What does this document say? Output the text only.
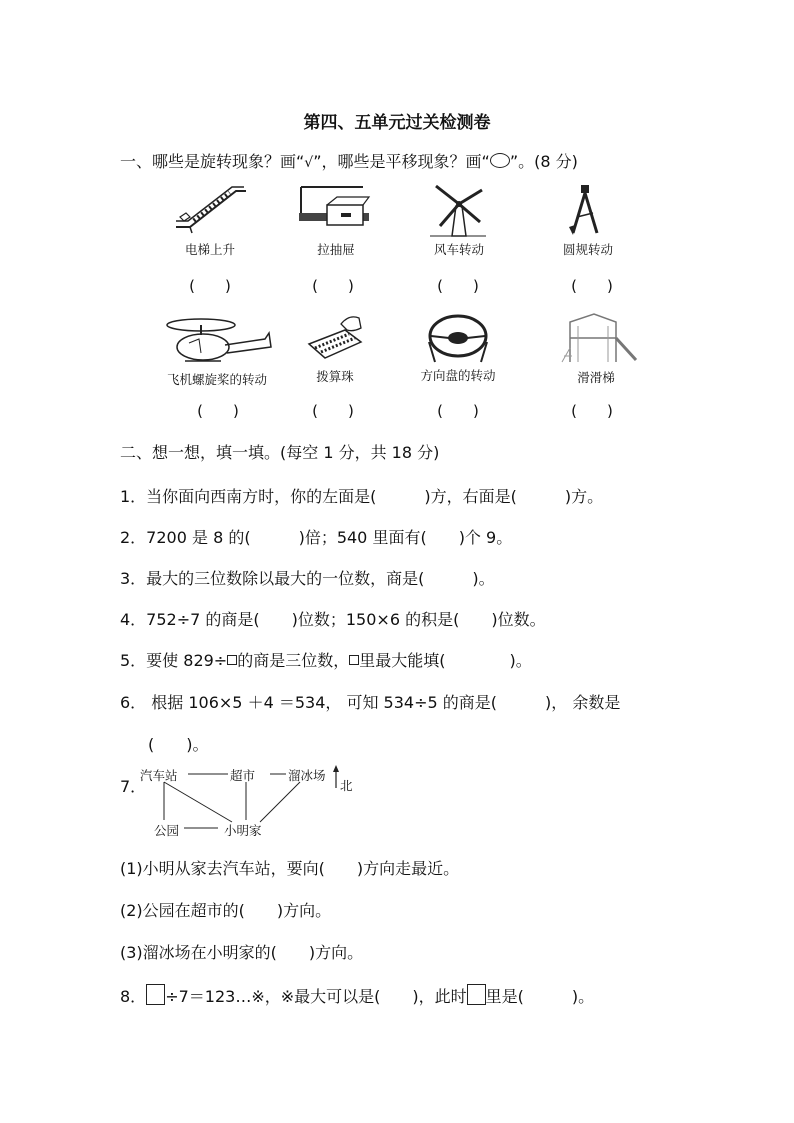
第四、五单元过关检测卷
一、哪些是旋转现象？画“√”，哪些是平移现象？画“ ”。(8 分)
电梯上升	拉抽屉	风车转动	圆规转动
(　　)	(　　)	(　　)	(　　)
飞机螺旋桨的转动	拨算珠	方向盘的转动	滑滑梯
(　　)	(　　)	(　　)	(　　)
二、想一想，填一填。(每空 1 分，共 18 分)
1．当你面向西南方时，你的左面是(　　　)方，右面是(　　　)方。
2．7200 是 8 的(　　　)倍；540 里面有(　　)个 9。
3．最大的三位数除以最大的一位数，商是(　　　)。
4．752÷7 的商是(　　)位数；150×6 的积是(　　)位数。
5．要使 829÷ 的商是三位数， 里最大能填(　　　　)。
6． 根据 106×5 ＋4 ＝534， 可知 534÷5 的商是(　　　)， 余数是
(　　)。
7．
汽车站	超市	溜冰场
北
公园	小明家
(1)小明从家去汽车站，要向(　　)方向走最近。
(2)公园在超市的(　　)方向。
(3)溜冰场在小明家的(　　)方向。
8． ÷7＝123…※，※最大可以是(　　)，此时 里是(　　　)。
